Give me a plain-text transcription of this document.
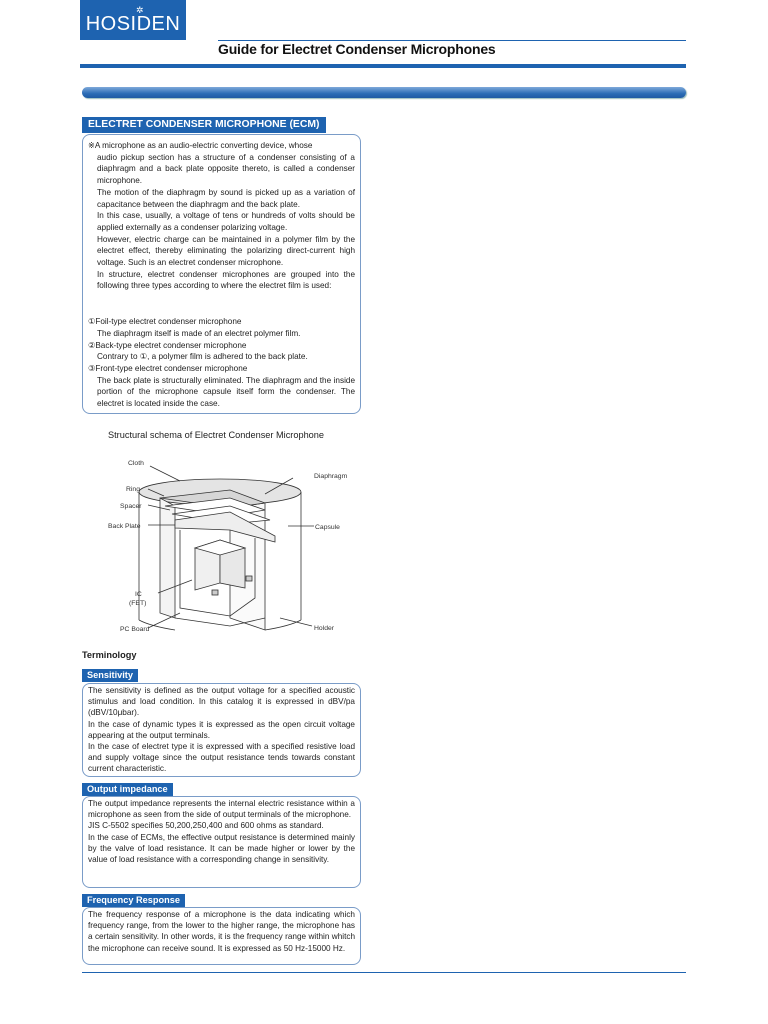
HOSIDEN
✲
Guide for Electret Condenser Microphones
ELECTRET CONDENSER MICROPHONE (ECM)

※A microphone as an audio-electric converting device, whose

audio pickup section has a structure of a condenser consisting of a diaphragm and a back plate opposite thereto, is called a condenser microphone.

The motion of the diaphragm by sound is picked up as a variation of capacitance between the diaphragm and the back plate.

In this case, usually, a voltage of tens or hundreds of volts should be applied externally as a condenser polarizing voltage.

However, electric charge can be maintained in a polymer film by the electret effect, thereby eliminating the polarizing direct-current high voltage. Such is an electret condenser microphone.

In structure, electret condenser microphones are grouped into the following three types according to where the electret film is used:

①Foil-type electret condenser microphone

The diaphragm itself is made of an electret polymer film.

②Back-type electret condenser microphone

Contrary to ①, a polymer film is adhered to the back plate.

③Front-type electret condenser microphone

The back plate is structurally eliminated. The diaphragm and the inside portion of the microphone capsule itself form the condenser. The electret is located inside the case.

Structural schema of Electret Condenser Microphone
Cloth
Ring
Spacer
Back Plate
IC
(FET)
PC Board
Diaphragm
Capsule
Holder
Terminology
Sensitivity

The sensitivity is defined as the output voltage for a specified acoustic stimulus and load condition. In this catalog it is expressed in dBV/pa (dBV/10μbar).

In the case of dynamic types it is expressed as the open circuit voltage appearing at the output terminals.

In the case of electret type it is expressed with a specified resistive load and supply voltage since the output resistance tends towards constant current characteristic.

Output impedance

The output impedance represents the internal electric resistance within a microphone as seen from the side of output terminals of the microphone.

JIS C-5502 specifies 50,200,250,400 and 600 ohms as standard.

In the case of ECMs, the effective output resistance is determined mainly by the valve of load resistance. It can be made higher or lower by the value of load resistance with a corresponding change in sensitivity.

Frequency Response

The frequency response of a microphone is the data indicating which frequency range, from the lower to the higher range, the microphone has a certain sensitivity. In other words, it is the frequency range within whitch the microphone can receive sound. It is expressed as 50 Hz-15000 Hz.
